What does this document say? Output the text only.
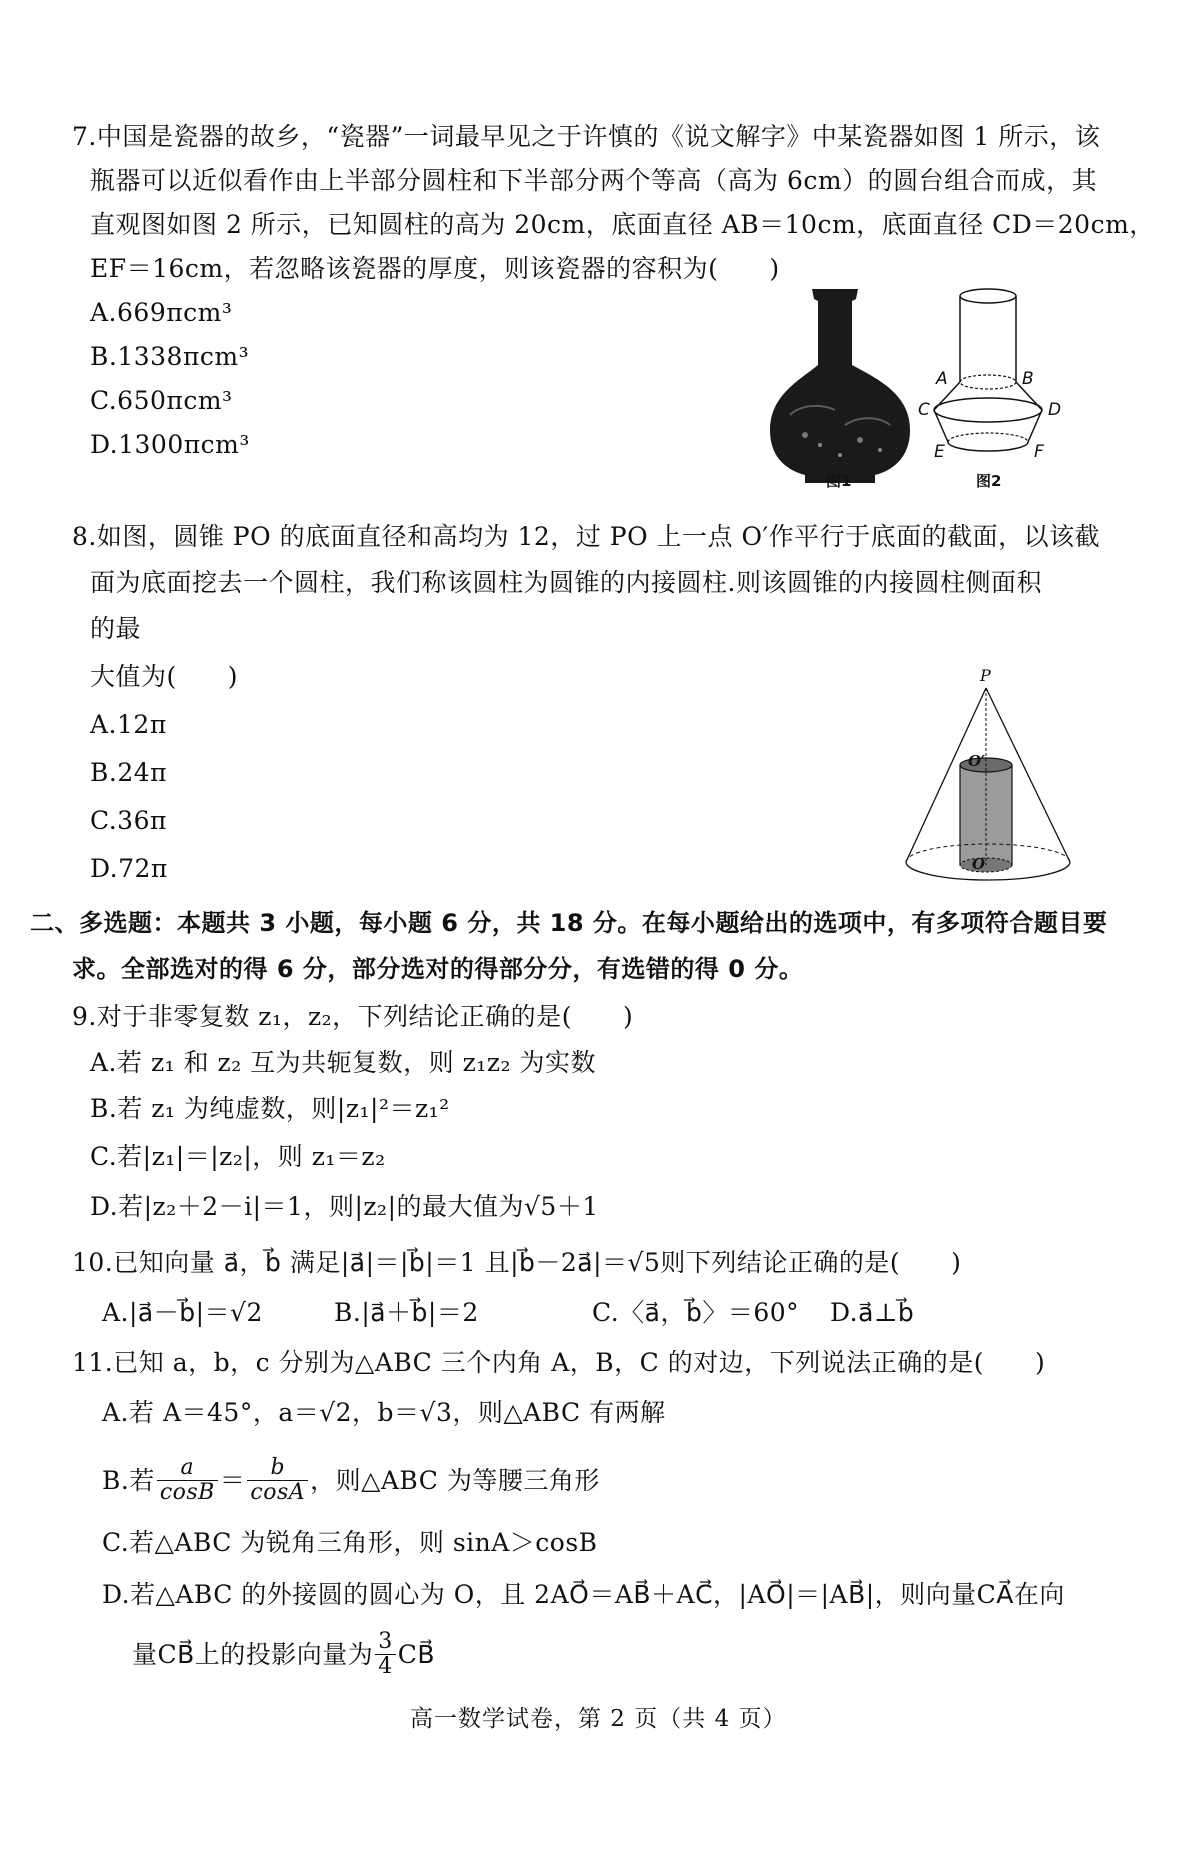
7.中国是瓷器的故乡，“瓷器”一词最早见之于许慎的《说文解字》中某瓷器如图 1 所示，该
瓶器可以近似看作由上半部分圆柱和下半部分两个等高（高为 6cm）的圆台组合而成，其
直观图如图 2 所示，已知圆柱的高为 20cm，底面直径 AB＝10cm，底面直径 CD＝20cm，
EF＝16cm，若忽略该瓷器的厚度，则该瓷器的容积为(　　)
A.669πcm³
B.1338πcm³
C.650πcm³
D.1300πcm³
图1
A	B
C	D
E	F
图2
8.如图，圆锥 PO 的底面直径和高均为 12，过 PO 上一点 O′作平行于底面的截面，以该截
面为底面挖去一个圆柱，我们称该圆柱为圆锥的内接圆柱.则该圆锥的内接圆柱侧面积
的最
大值为(　　)
A.12π
B.24π
C.36π
D.72π
P
O′
O
二、多选题：本题共 3 小题，每小题 6 分，共 18 分。在每小题给出的选项中，有多项符合题目要
求。全部选对的得 6 分，部分选对的得部分分，有选错的得 0 分。
9.对于非零复数 z₁，z₂，下列结论正确的是(　　)
A.若 z₁ 和 z₂ 互为共轭复数，则 z₁z₂ 为实数
B.若 z₁ 为纯虚数，则|z₁|²＝z₁²
C.若|z₁|＝|z₂|，则 z₁＝z₂
D.若|z₂＋2－i|＝1，则|z₂|的最大值为√5＋1
10.已知向量 a⃗，b⃗ 满足|a⃗|＝|b⃗|＝1 且|b⃗－2a⃗|＝√5则下列结论正确的是(　　)
A.|a⃗－b⃗|＝√2	B.|a⃗＋b⃗|＝2	C.〈a⃗，b⃗〉＝60° D.a⃗⊥b⃗
11.已知 a，b，c 分别为△ABC 三个内角 A，B，C 的对边，下列说法正确的是(　　)
A.若 A＝45°，a＝√2，b＝√3，则△ABC 有两解
B.若 $\frac{a}{\cos B} = \frac{b}{\cos A}$ ，则△ABC 为等腰三角形
C.若△ABC 为锐角三角形，则 sinA＞cosB
D.若△ABC 的外接圆的圆心为 O，且 2AO⃗＝AB⃗＋AC⃗，|AO⃗|＝|AB⃗|，则向量CA⃗在向
量CB⃗上的投影向量为 $\frac{3}{4}$ CB⃗
高一数学试卷，第 2 页（共 4 页）
